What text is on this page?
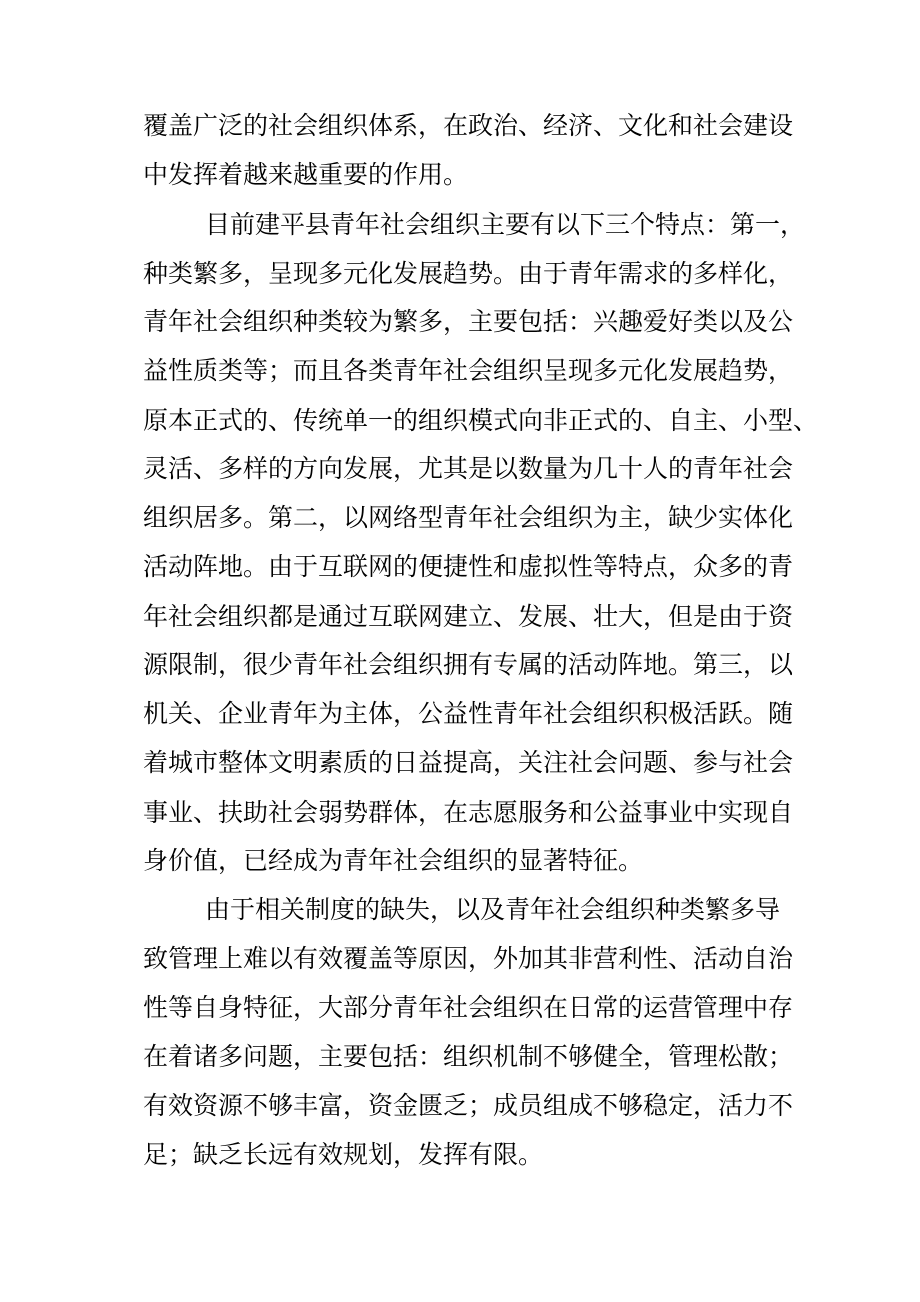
覆盖广泛的社会组织体系，在政治、经济、文化和社会建设
中发挥着越来越重要的作用。
目前建平县青年社会组织主要有以下三个特点：第一，
种类繁多，呈现多元化发展趋势。由于青年需求的多样化，
青年社会组织种类较为繁多，主要包括：兴趣爱好类以及公
益性质类等；而且各类青年社会组织呈现多元化发展趋势，
原本正式的、传统单一的组织模式向非正式的、自主、小型、
灵活、多样的方向发展，尤其是以数量为几十人的青年社会
组织居多。第二，以网络型青年社会组织为主，缺少实体化
活动阵地。由于互联网的便捷性和虚拟性等特点，众多的青
年社会组织都是通过互联网建立、发展、壮大，但是由于资
源限制，很少青年社会组织拥有专属的活动阵地。第三，以
机关、企业青年为主体，公益性青年社会组织积极活跃。随
着城市整体文明素质的日益提高，关注社会问题、参与社会
事业、扶助社会弱势群体，在志愿服务和公益事业中实现自
身价值，已经成为青年社会组织的显著特征。
由于相关制度的缺失，以及青年社会组织种类繁多导
致管理上难以有效覆盖等原因，外加其非营利性、活动自治
性等自身特征，大部分青年社会组织在日常的运营管理中存
在着诸多问题，主要包括：组织机制不够健全，管理松散；
有效资源不够丰富，资金匮乏；成员组成不够稳定，活力不
足；缺乏长远有效规划，发挥有限。
